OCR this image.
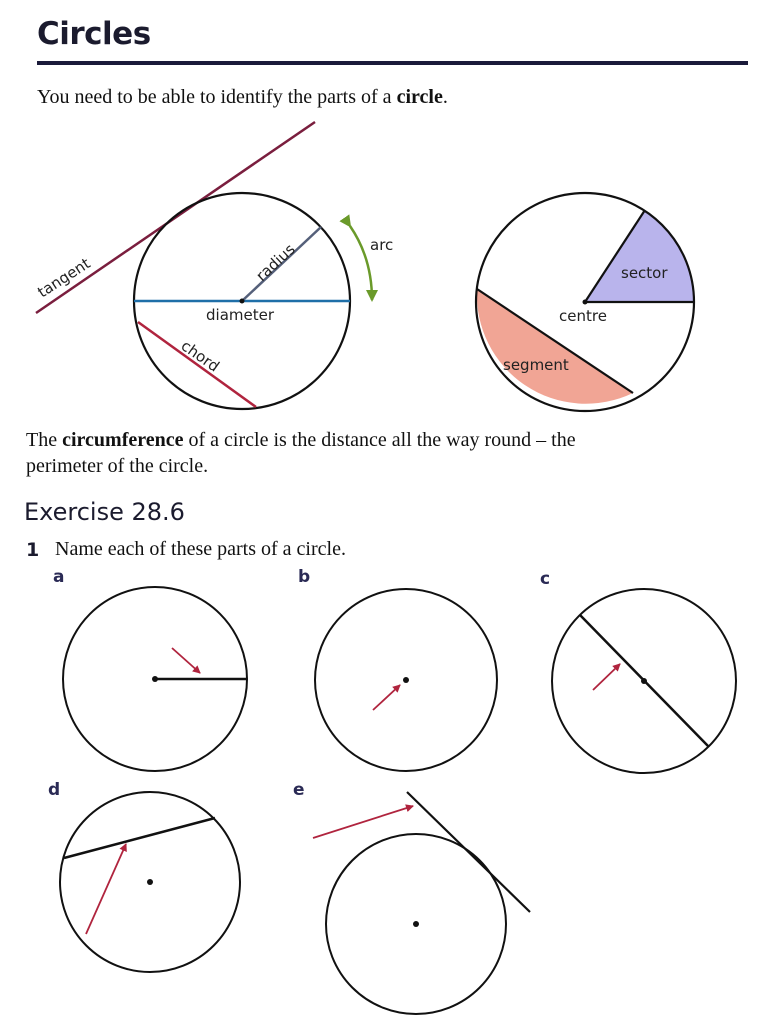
Circles

You need to be able to identify the parts of a circle.

tangent	radius	arc
diameter
chord
sector
centre
segment

The circumference of a circle is the distance all the way round – the
perimeter of the circle.

Exercise 28.6
1 Name each of these parts of a circle.
a	b	c
d	e
